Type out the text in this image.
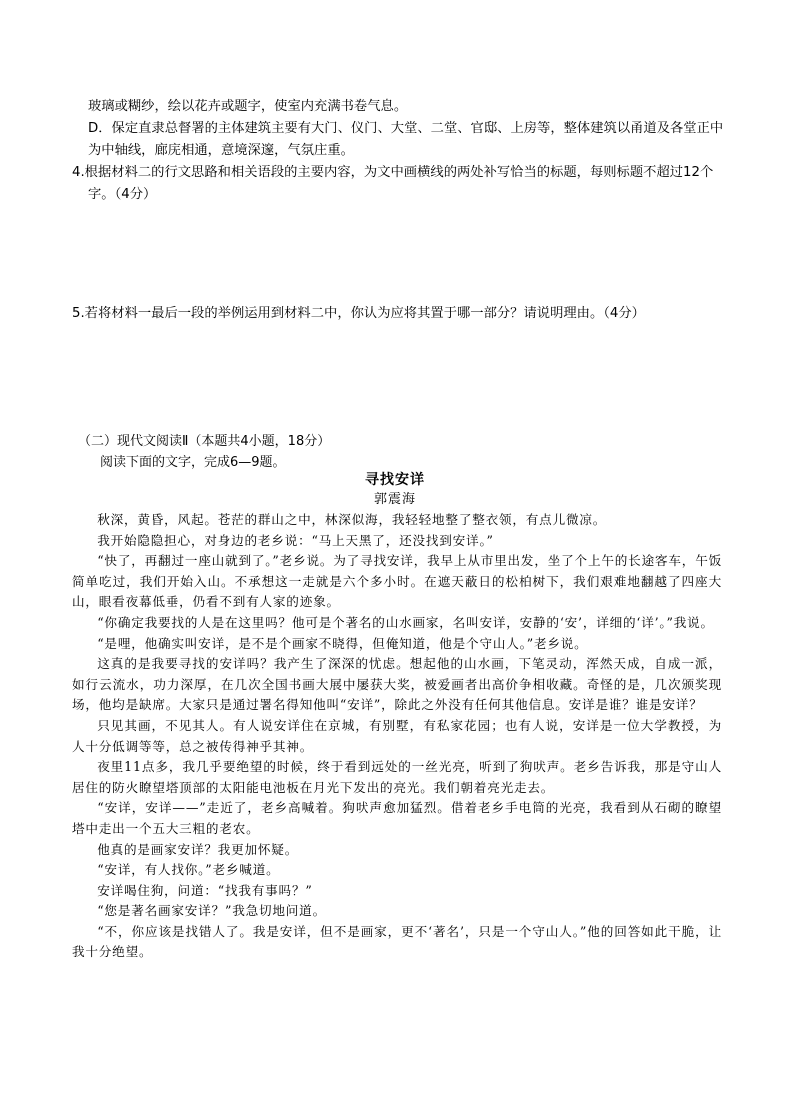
玻璃或糊纱，绘以花卉或题字，使室内充满书卷气息。
D．保定直隶总督署的主体建筑主要有大门、仪门、大堂、二堂、官邸、上房等，整体建筑以甬道及各堂正中为中轴线，廊庑相通，意境深邃，气氛庄重。
4.根据材料二的行文思路和相关语段的主要内容，为文中画横线的两处补写恰当的标题，每则标题不超过12个字。（4分）
5.若将材料一最后一段的举例运用到材料二中，你认为应将其置于哪一部分？请说明理由。（4分）
（二）现代文阅读Ⅱ（本题共4小题，18分）
阅读下面的文字，完成6—9题。
寻找安详
郭震海

秋深，黄昏，风起。苍茫的群山之中，林深似海，我轻轻地整了整衣领，有点儿微凉。

我开始隐隐担心，对身边的老乡说：“马上天黑了，还没找到安详。”

“快了，再翻过一座山就到了。”老乡说。为了寻找安详，我早上从市里出发，坐了个上午的长途客车，午饭简单吃过，我们开始入山。不承想这一走就是六个多小时。在遮天蔽日的松柏树下，我们艰难地翻越了四座大山，眼看夜幕低垂，仍看不到有人家的迹象。

“你确定我要找的人是在这里吗？他可是个著名的山水画家，名叫安详，安静的‘安’，详细的‘详’。”我说。

“是哩，他确实叫安详，是不是个画家不晓得，但俺知道，他是个守山人。”老乡说。

这真的是我要寻找的安详吗？我产生了深深的忧虑。想起他的山水画，下笔灵动，浑然天成，自成一派，如行云流水，功力深厚，在几次全国书画大展中屡获大奖，被爱画者出高价争相收藏。奇怪的是，几次颁奖现场，他均是缺席。大家只是通过署名得知他叫“安详”，除此之外没有任何其他信息。安详是谁？谁是安详？

只见其画，不见其人。有人说安详住在京城，有别墅，有私家花园；也有人说，安详是一位大学教授，为人十分低调等等，总之被传得神乎其神。

夜里11点多，我几乎要绝望的时候，终于看到远处的一丝光亮，听到了狗吠声。老乡告诉我，那是守山人居住的防火瞭望塔顶部的太阳能电池板在月光下发出的亮光。我们朝着亮光走去。

“安详，安详——”走近了，老乡高喊着。狗吠声愈加猛烈。借着老乡手电筒的光亮，我看到从石砌的瞭望塔中走出一个五大三粗的老农。

他真的是画家安详？我更加怀疑。

“安详，有人找你。”老乡喊道。

安详喝住狗，问道：“找我有事吗？”

“您是著名画家安详？”我急切地问道。

“不，你应该是找错人了。我是安详，但不是画家，更不‘著名’，只是一个守山人。”他的回答如此干脆，让我十分绝望。
